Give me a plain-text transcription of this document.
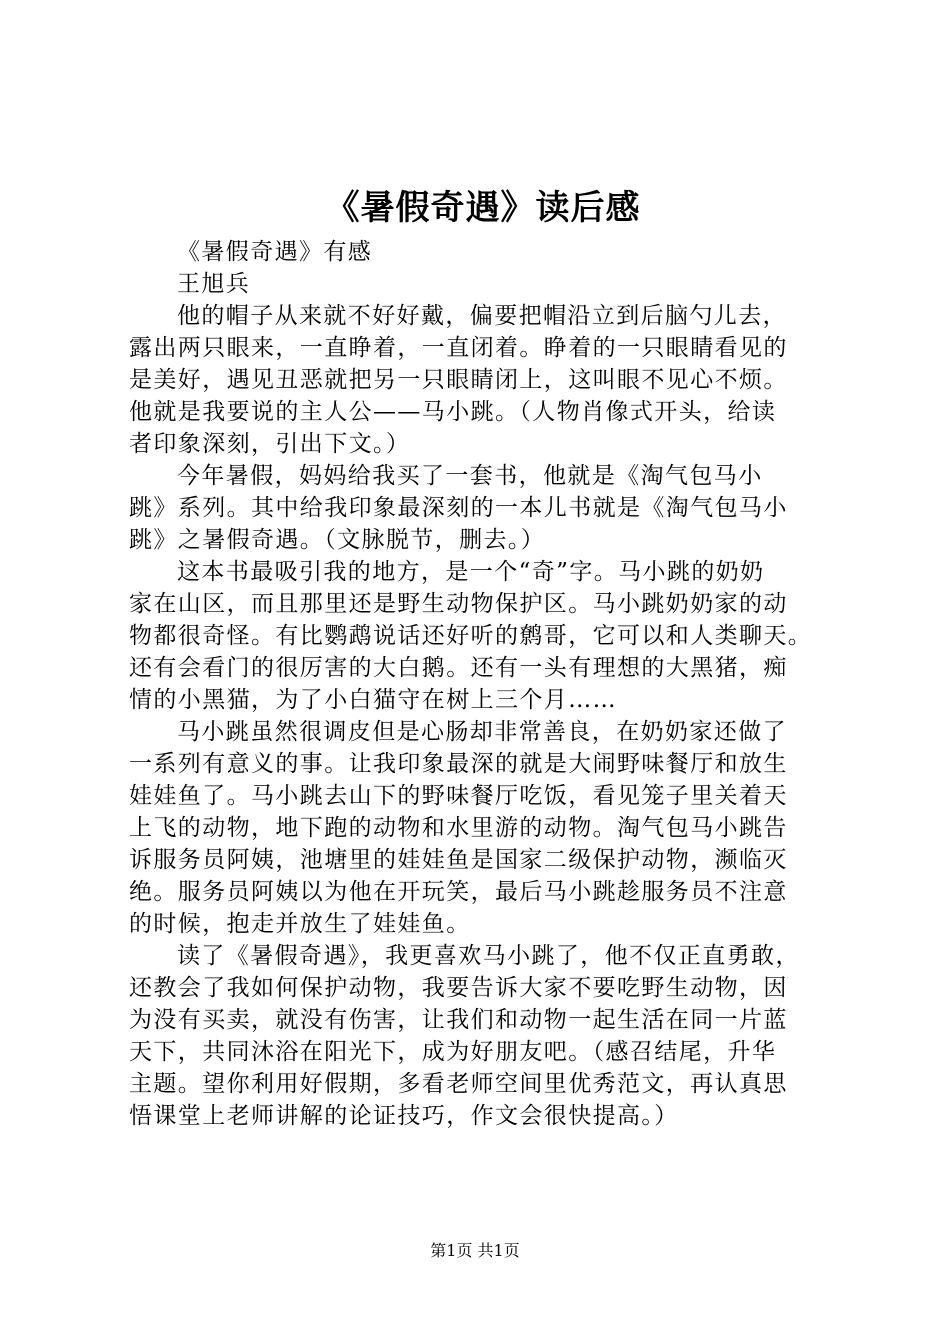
《暑假奇遇》读后感

《暑假奇遇》有感

王旭兵

他的帽子从来就不好好戴，偏要把帽沿立到后脑勺儿去，

露出两只眼来，一直睁着，一直闭着。睁着的一只眼睛看见的

是美好，遇见丑恶就把另一只眼睛闭上，这叫眼不见心不烦。

他就是我要说的主人公——马小跳。（人物肖像式开头，给读

者印象深刻，引出下文。）

今年暑假，妈妈给我买了一套书，他就是《淘气包马小

跳》系列。其中给我印象最深刻的一本儿书就是《淘气包马小

跳》之暑假奇遇。（文脉脱节，删去。）

这本书最吸引我的地方，是一个“奇”字。马小跳的奶奶

家在山区，而且那里还是野生动物保护区。马小跳奶奶家的动

物都很奇怪。有比鹦鹉说话还好听的鹩哥，它可以和人类聊天。

还有会看门的很厉害的大白鹅。还有一头有理想的大黑猪，痴

情的小黑猫，为了小白猫守在树上三个月……

马小跳虽然很调皮但是心肠却非常善良，在奶奶家还做了

一系列有意义的事。让我印象最深的就是大闹野味餐厅和放生

娃娃鱼了。马小跳去山下的野味餐厅吃饭，看见笼子里关着天

上飞的动物，地下跑的动物和水里游的动物。淘气包马小跳告

诉服务员阿姨，池塘里的娃娃鱼是国家二级保护动物，濒临灭

绝。服务员阿姨以为他在开玩笑，最后马小跳趁服务员不注意

的时候，抱走并放生了娃娃鱼。

读了《暑假奇遇》，我更喜欢马小跳了，他不仅正直勇敢，

还教会了我如何保护动物，我要告诉大家不要吃野生动物，因

为没有买卖，就没有伤害，让我们和动物一起生活在同一片蓝

天下，共同沐浴在阳光下，成为好朋友吧。（感召结尾，升华

主题。望你利用好假期，多看老师空间里优秀范文，再认真思

悟课堂上老师讲解的论证技巧，作文会很快提高。）

第1页 共1页
